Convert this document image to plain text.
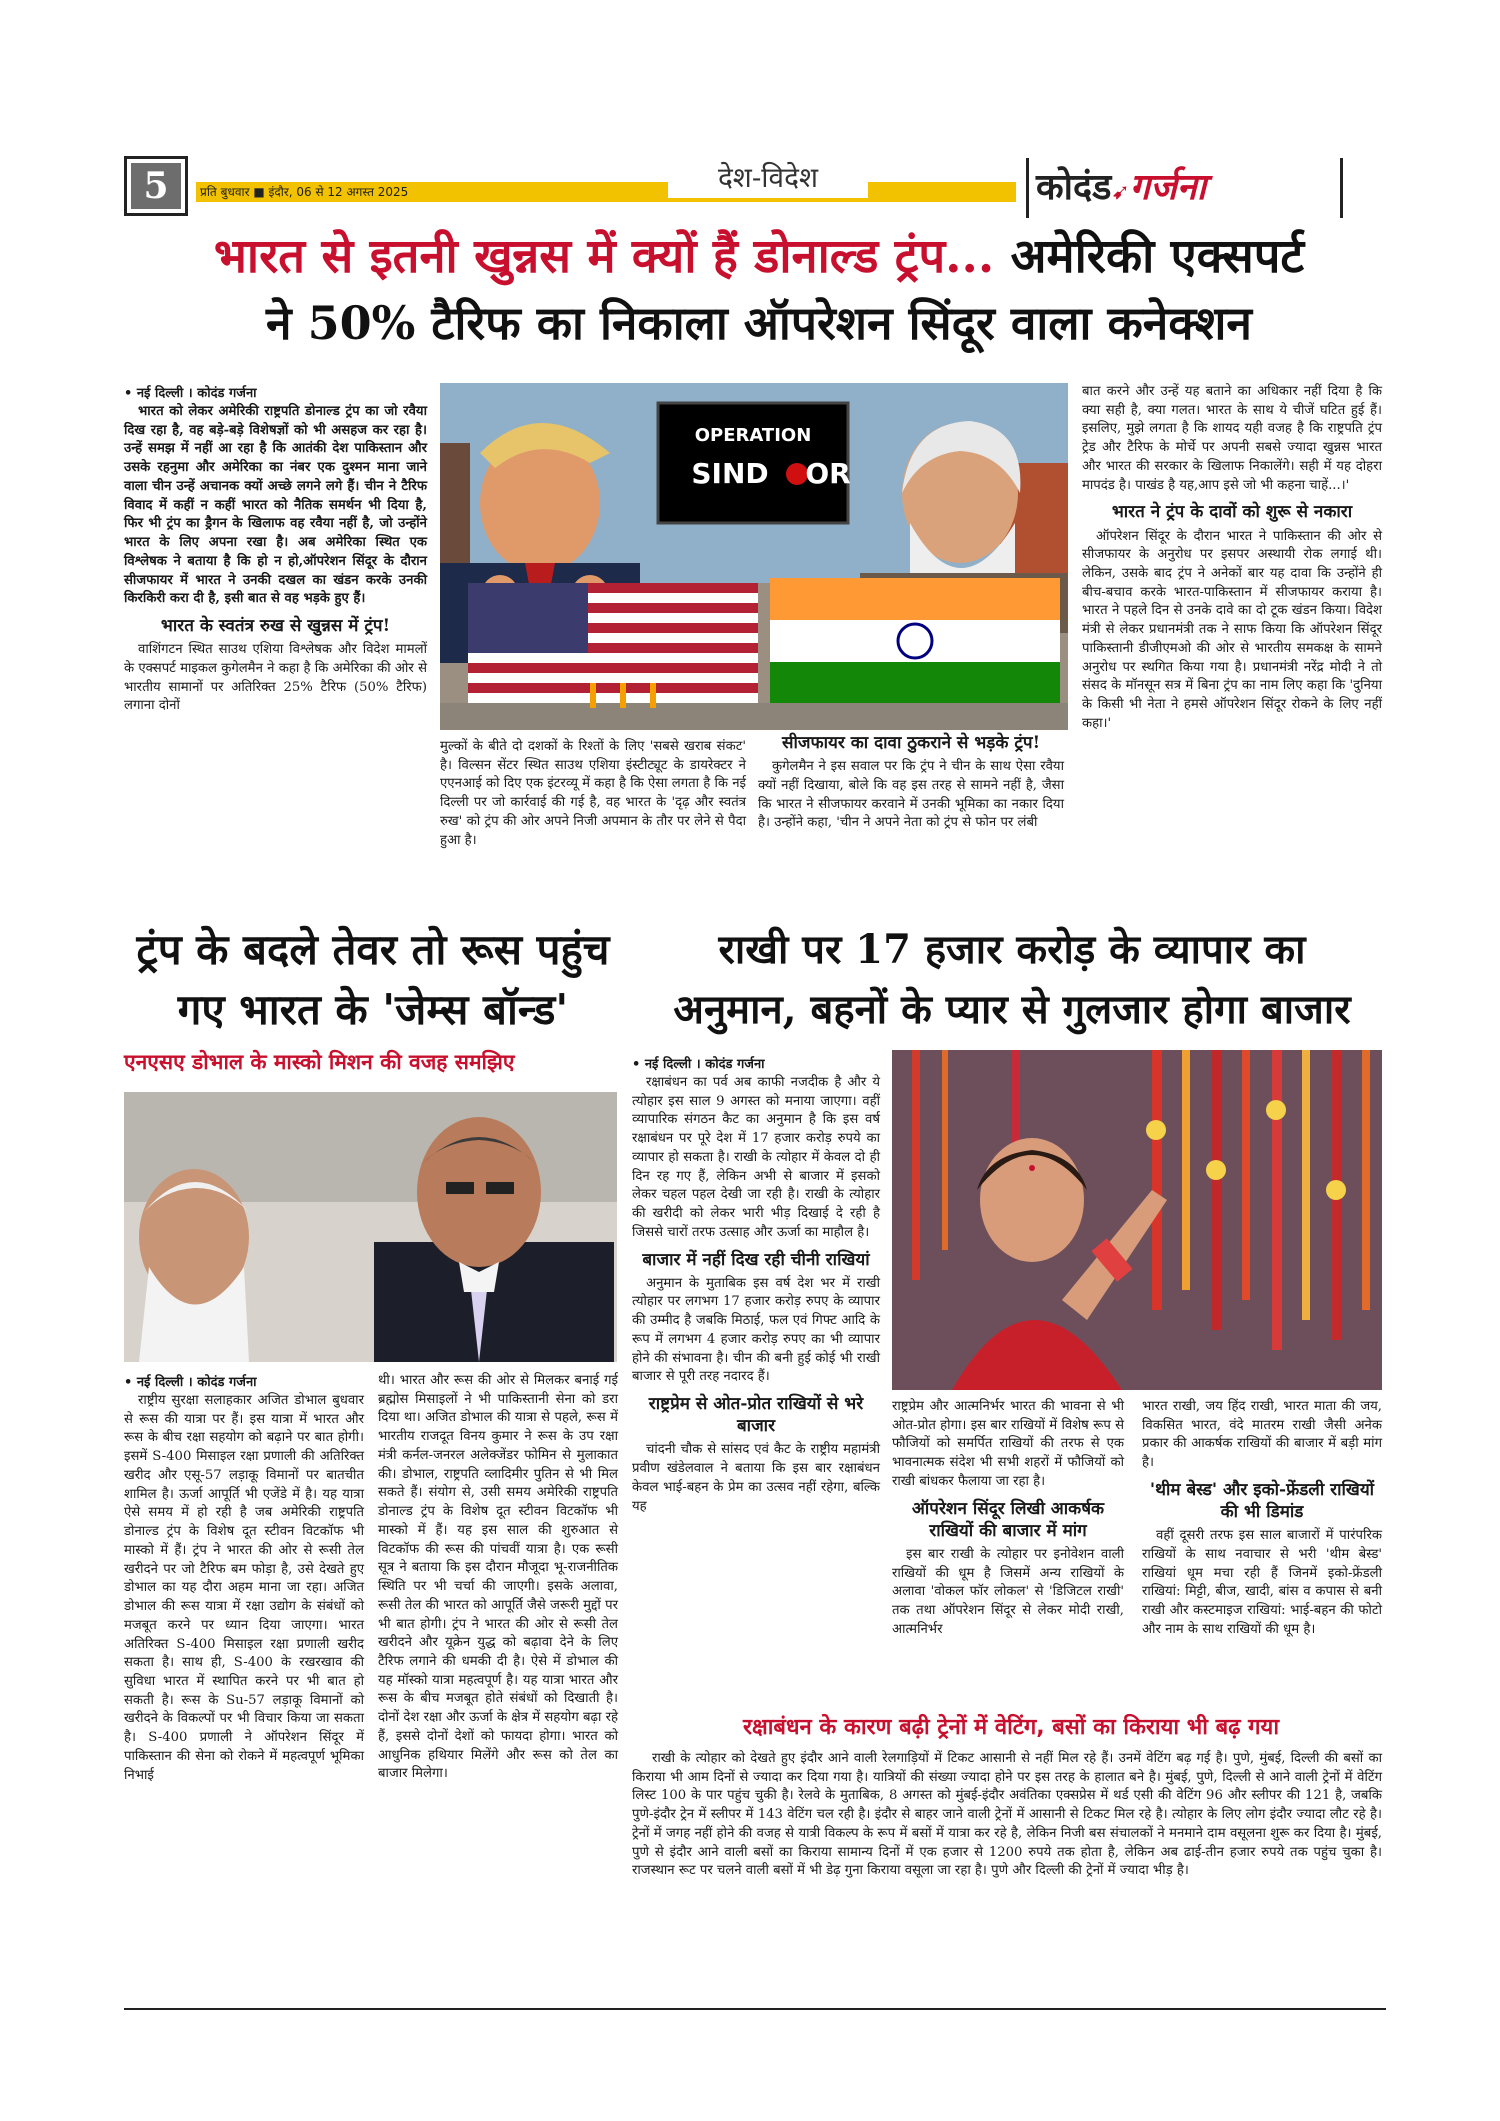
5	प्रति बुधवार ■ इंदौर, 06 से 12 अगस्त 2025	देश-विदेश	कोदंड➹गर्जना
भारत से इतनी खुन्नस में क्यों हैं डोनाल्ड ट्रंप... अमेरिकी एक्सपर्ट
ने 50% टैरिफ का निकाला ऑपरेशन सिंदूर वाला कनेक्शन

• नई दिल्ली । कोदंड गर्जना

भारत को लेकर अमेरिकी राष्ट्रपति डोनाल्ड ट्रंप का जो रवैया दिख रहा है, वह बड़े-बड़े विशेषज्ञों को भी असहज कर रहा है। उन्हें समझ में नहीं आ रहा है कि आतंकी देश पाकिस्तान और उसके रहनुमा और अमेरिका का नंबर एक दुश्मन माना जाने वाला चीन उन्हें अचानक क्यों अच्छे लगने लगे हैं। चीन ने टैरिफ विवाद में कहीं न कहीं भारत को नैतिक समर्थन भी दिया है, फिर भी ट्रंप का ड्रैगन के खिलाफ वह रवैया नहीं है, जो उन्होंने भारत के लिए अपना रखा है। अब अमेरिका स्थित एक विश्लेषक ने बताया है कि हो न हो,ऑपरेशन सिंदूर के दौरान सीजफायर में भारत ने उनकी दखल का खंडन करके उनकी किरकिरी करा दी है, इसी बात से वह भड़के हुए हैं।

भारत के स्वतंत्र रुख से खुन्नस में ट्रंप!

वाशिंगटन स्थित साउथ एशिया विश्लेषक और विदेश मामलों के एक्सपर्ट माइकल कुगेलमैन ने कहा है कि अमेरिका की ओर से भारतीय सामानों पर अतिरिक्त 25% टैरिफ (50% टैरिफ) लगाना दोनों

OPERATION
SIND OR

मुल्कों के बीते दो दशकों के रिश्तों के लिए 'सबसे खराब संकट' है। विल्सन सेंटर स्थित साउथ एशिया इंस्टीट्यूट के डायरेक्टर ने एएनआई को दिए एक इंटरव्यू में कहा है कि ऐसा लगता है कि नई दिल्ली पर जो कार्रवाई की गई है, वह भारत के 'दृढ़ और स्वतंत्र रुख' को ट्रंप की ओर अपने निजी अपमान के तौर पर लेने से पैदा हुआ है।

सीजफायर का दावा ठुकराने से भड़के ट्रंप!

कुगेलमैन ने इस सवाल पर कि ट्रंप ने चीन के साथ ऐसा रवैया क्यों नहीं दिखाया, बोले कि वह इस तरह से सामने नहीं है, जैसा कि भारत ने सीजफायर करवाने में उनकी भूमिका का नकार दिया है। उन्होंने कहा, 'चीन ने अपने नेता को ट्रंप से फोन पर लंबी

बात करने और उन्हें यह बताने का अधिकार नहीं दिया है कि क्या सही है, क्या गलत। भारत के साथ ये चीजें घटित हुई हैं। इसलिए, मुझे लगता है कि शायद यही वजह है कि राष्ट्रपति ट्रंप ट्रेड और टैरिफ के मोर्चे पर अपनी सबसे ज्यादा खुन्नस भारत और भारत की सरकार के खिलाफ निकालेंगे। सही में यह दोहरा मापदंड है। पाखंड है यह,आप इसे जो भी कहना चाहें...।'

भारत ने ट्रंप के दावों को शुरू से नकारा

ऑपरेशन सिंदूर के दौरान भारत ने पाकिस्तान की ओर से सीजफायर के अनुरोध पर इसपर अस्थायी रोक लगाई थी। लेकिन, उसके बाद ट्रंप ने अनेकों बार यह दावा कि उन्होंने ही बीच-बचाव करके भारत-पाकिस्तान में सीजफायर कराया है। भारत ने पहले दिन से उनके दावे का दो टूक खंडन किया। विदेश मंत्री से लेकर प्रधानमंत्री तक ने साफ किया कि ऑपरेशन सिंदूर पाकिस्तानी डीजीएमओ की ओर से भारतीय समकक्ष के सामने अनुरोध पर स्थगित किया गया है। प्रधानमंत्री नरेंद्र मोदी ने तो संसद के मॉनसून सत्र में बिना ट्रंप का नाम लिए कहा कि 'दुनिया के किसी भी नेता ने हमसे ऑपरेशन सिंदूर रोकने के लिए नहीं कहा।'

ट्रंप के बदले तेवर तो रूस पहुंच
गए भारत के 'जेम्स बॉन्ड'
एनएसए डोभाल के मास्को मिशन की वजह समझिए

• नई दिल्ली । कोदंड गर्जना

राष्ट्रीय सुरक्षा सलाहकार अजित डोभाल बुधवार से रूस की यात्रा पर हैं। इस यात्रा में भारत और रूस के बीच रक्षा सहयोग को बढ़ाने पर बात होगी। इसमें S-400 मिसाइल रक्षा प्रणाली की अतिरिक्त खरीद और एसू-57 लड़ाकू विमानों पर बातचीत शामिल है। ऊर्जा आपूर्ति भी एजेंडे में है। यह यात्रा ऐसे समय में हो रही है जब अमेरिकी राष्ट्रपति डोनाल्ड ट्रंप के विशेष दूत स्टीवन विटकॉफ भी मास्को में हैं। ट्रंप ने भारत की ओर से रूसी तेल खरीदने पर जो टैरिफ बम फोड़ा है, उसे देखते हुए डोभाल का यह दौरा अहम माना जा रहा। अजित डोभाल की रूस यात्रा में रक्षा उद्योग के संबंधों को मजबूत करने पर ध्यान दिया जाएगा। भारत अतिरिक्त S-400 मिसाइल रक्षा प्रणाली खरीद सकता है। साथ ही, S-400 के रखरखाव की सुविधा भारत में स्थापित करने पर भी बात हो सकती है। रूस के Su-57 लड़ाकू विमानों को खरीदने के विकल्पों पर भी विचार किया जा सकता है। S-400 प्रणाली ने ऑपरेशन सिंदूर में पाकिस्तान की सेना को रोकने में महत्वपूर्ण भूमिका निभाई

थी। भारत और रूस की ओर से मिलकर बनाई गई ब्रह्मोस मिसाइलों ने भी पाकिस्तानी सेना को डरा दिया था। अजित डोभाल की यात्रा से पहले, रूस में भारतीय राजदूत विनय कुमार ने रूस के उप रक्षा मंत्री कर्नल-जनरल अलेक्जेंडर फोमिन से मुलाकात की। डोभाल, राष्ट्रपति व्लादिमीर पुतिन से भी मिल सकते हैं। संयोग से, उसी समय अमेरिकी राष्ट्रपति डोनाल्ड ट्रंप के विशेष दूत स्टीवन विटकॉफ भी मास्को में हैं। यह इस साल की शुरुआत से विटकॉफ की रूस की पांचवीं यात्रा है। एक रूसी सूत्र ने बताया कि इस दौरान मौजूदा भू-राजनीतिक स्थिति पर भी चर्चा की जाएगी। इसके अलावा, रूसी तेल की भारत को आपूर्ति जैसे जरूरी मुद्दों पर भी बात होगी। ट्रंप ने भारत की ओर से रूसी तेल खरीदने और यूक्रेन युद्ध को बढ़ावा देने के लिए टैरिफ लगाने की धमकी दी है। ऐसे में डोभाल की यह मॉस्को यात्रा महत्वपूर्ण है। यह यात्रा भारत और रूस के बीच मजबूत होते संबंधों को दिखाती है। दोनों देश रक्षा और ऊर्जा के क्षेत्र में सहयोग बढ़ा रहे हैं, इससे दोनों देशों को फायदा होगा। भारत को आधुनिक हथियार मिलेंगे और रूस को तेल का बाजार मिलेगा।

राखी पर 17 हजार करोड़ के व्यापार का
अनुमान, बहनों के प्यार से गुलजार होगा बाजार

• नई दिल्ली । कोदंड गर्जना

रक्षाबंधन का पर्व अब काफी नजदीक है और ये त्योहार इस साल 9 अगस्त को मनाया जाएगा। वहीं व्यापारिक संगठन कैट का अनुमान है कि इस वर्ष रक्षाबंधन पर पूरे देश में 17 हजार करोड़ रुपये का व्यापार हो सकता है। राखी के त्योहार में केवल दो ही दिन रह गए हैं, लेकिन अभी से बाजार में इसको लेकर चहल पहल देखी जा रही है। राखी के त्योहार की खरीदी को लेकर भारी भीड़ दिखाई दे रही है जिससे चारों तरफ उत्साह और ऊर्जा का माहौल है।

बाजार में नहीं दिख रही चीनी राखियां

अनुमान के मुताबिक इस वर्ष देश भर में राखी त्योहार पर लगभग 17 हजार करोड़ रुपए के व्यापार की उम्मीद है जबकि मिठाई, फल एवं गिफ्ट आदि के रूप में लगभग 4 हजार करोड़ रुपए का भी व्यापार होने की संभावना है। चीन की बनी हुई कोई भी राखी बाजार से पूरी तरह नदारद हैं।

राष्ट्रप्रेम से ओत-प्रोत राखियों से भरे बाजार

चांदनी चौक से सांसद एवं कैट के राष्ट्रीय महामंत्री प्रवीण खंडेलवाल ने बताया कि इस बार रक्षाबंधन केवल भाई-बहन के प्रेम का उत्सव नहीं रहेगा, बल्कि यह

राष्ट्रप्रेम और आत्मनिर्भर भारत की भावना से भी ओत-प्रोत होगा। इस बार राखियों में विशेष रूप से फौजियों को समर्पित राखियों की तरफ से एक भावनात्मक संदेश भी सभी शहरों में फौजियों को राखी बांधकर फैलाया जा रहा है।

ऑपरेशन सिंदूर लिखी आकर्षक राखियों की बाजार में मांग

इस बार राखी के त्योहार पर इनोवेशन वाली राखियों की धूम है जिसमें अन्य राखियों के अलावा 'वोकल फॉर लोकल' से 'डिजिटल राखी' तक तथा ऑपरेशन सिंदूर से लेकर मोदी राखी, आत्मनिर्भर

भारत राखी, जय हिंद राखी, भारत माता की जय, विकसित भारत, वंदे मातरम राखी जैसी अनेक प्रकार की आकर्षक राखियों की बाजार में बड़ी मांग है।

'थीम बेस्ड' और इको-फ्रेंडली राखियों की भी डिमांड

वहीं दूसरी तरफ इस साल बाजारों में पारंपरिक राखियों के साथ नवाचार से भरी 'थीम बेस्ड' राखियां धूम मचा रही हैं जिनमें इको-फ्रेंडली राखियां: मिट्टी, बीज, खादी, बांस व कपास से बनी राखी और कस्टमाइज राखियां: भाई-बहन की फोटो और नाम के साथ राखियों की धूम है।

रक्षाबंधन के कारण बढ़ी ट्रेनों में वेटिंग, बसों का किराया भी बढ़ गया

राखी के त्योहार को देखते हुए इंदौर आने वाली रेलगाड़ियों में टिकट आसानी से नहीं मिल रहे हैं। उनमें वेटिंग बढ़ गई है। पुणे, मुंबई, दिल्ली की बसों का किराया भी आम दिनों से ज्यादा कर दिया गया है। यात्रियों की संख्या ज्यादा होने पर इस तरह के हालात बने है। मुंबई, पुणे, दिल्ली से आने वाली ट्रेनों में वेटिंग लिस्ट 100 के पार पहुंच चुकी है। रेलवे के मुताबिक, 8 अगस्त को मुंबई-इंदौर अवंतिका एक्सप्रेस में थर्ड एसी की वेटिंग 96 और स्लीपर की 121 है, जबकि पुणे-इंदौर ट्रेन में स्लीपर में 143 वेटिंग चल रही है। इंदौर से बाहर जाने वाली ट्रेनों में आसानी से टिकट मिल रहे है। त्योहार के लिए लोग इंदौर ज्यादा लौट रहे है। ट्रेनों में जगह नहीं होने की वजह से यात्री विकल्प के रूप में बसों में यात्रा कर रहे है, लेकिन निजी बस संचालकों ने मनमाने दाम वसूलना शुरू कर दिया है। मुंबई, पुणे से इंदौर आने वाली बसों का किराया सामान्य दिनों में एक हजार से 1200 रुपये तक होता है, लेकिन अब ढाई-तीन हजार रुपये तक पहुंच चुका है। राजस्थान रूट पर चलने वाली बसों में भी डेढ़ गुना किराया वसूला जा रहा है। पुणे और दिल्ली की ट्रेनों में ज्यादा भीड़ है।
